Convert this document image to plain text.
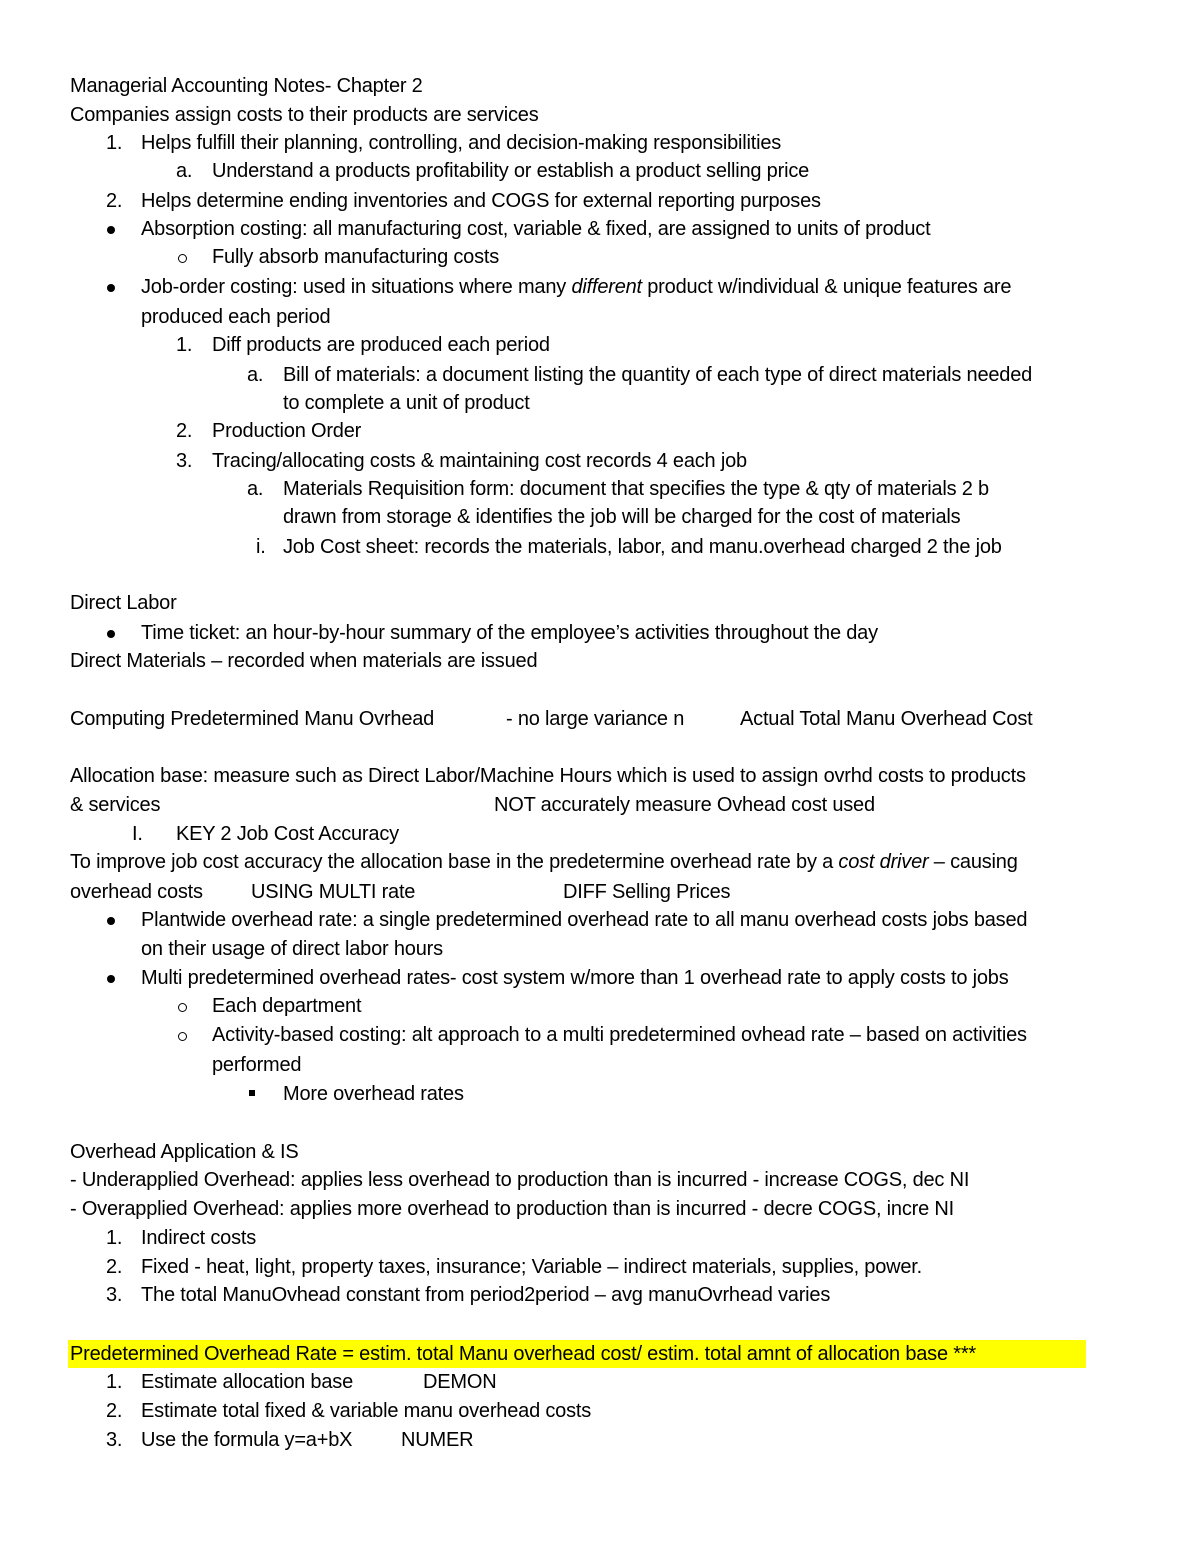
Managerial Accounting Notes- Chapter 2
Companies assign costs to their products are services
1. Helps fulfill their planning, controlling, and decision-making responsibilities
a. Understand a products profitability or establish a product selling price
2. Helps determine ending inventories and COGS for external reporting purposes
Absorption costing: all manufacturing cost, variable & fixed, are assigned to units of product
Fully absorb manufacturing costs
Job-order costing: used in situations where many different product w/individual & unique features are
produced each period
1. Diff products are produced each period
a. Bill of materials: a document listing the quantity of each type of direct materials needed
to complete a unit of product
2. Production Order
3. Tracing/allocating costs & maintaining cost records 4 each job
a. Materials Requisition form: document that specifies the type & qty of materials 2 b
drawn from storage & identifies the job will be charged for the cost of materials
i. Job Cost sheet: records the materials, labor, and manu.overhead charged 2 the job
Direct Labor
Time ticket: an hour-by-hour summary of the employee’s activities throughout the day
Direct Materials – recorded when materials are issued
Computing Predetermined Manu Ovrhead	- no large variance n	Actual Total Manu Overhead Cost
Allocation base: measure such as Direct Labor/Machine Hours which is used to assign ovrhd costs to products
& services	NOT accurately measure Ovhead cost used
I. KEY 2 Job Cost Accuracy
To improve job cost accuracy the allocation base in the predetermine overhead rate by a cost driver – causing
overhead costs USING MULTI rate	DIFF Selling Prices
Plantwide overhead rate: a single predetermined overhead rate to all manu overhead costs jobs based
on their usage of direct labor hours
Multi predetermined overhead rates- cost system w/more than 1 overhead rate to apply costs to jobs
Each department
Activity-based costing: alt approach to a multi predetermined ovhead rate – based on activities
performed
More overhead rates
Overhead Application & IS
- Underapplied Overhead: applies less overhead to production than is incurred - increase COGS, dec NI
- Overapplied Overhead: applies more overhead to production than is incurred - decre COGS, incre NI
1. Indirect costs
2. Fixed - heat, light, property taxes, insurance; Variable – indirect materials, supplies, power.
3. The total ManuOvhead constant from period2period – avg manuOvrhead varies
Predetermined Overhead Rate = estim. total Manu overhead cost/ estim. total amnt of allocation base ***
1. Estimate allocation base	DEMON
2. Estimate total fixed & variable manu overhead costs
3. Use the formula y=a+bX NUMER
